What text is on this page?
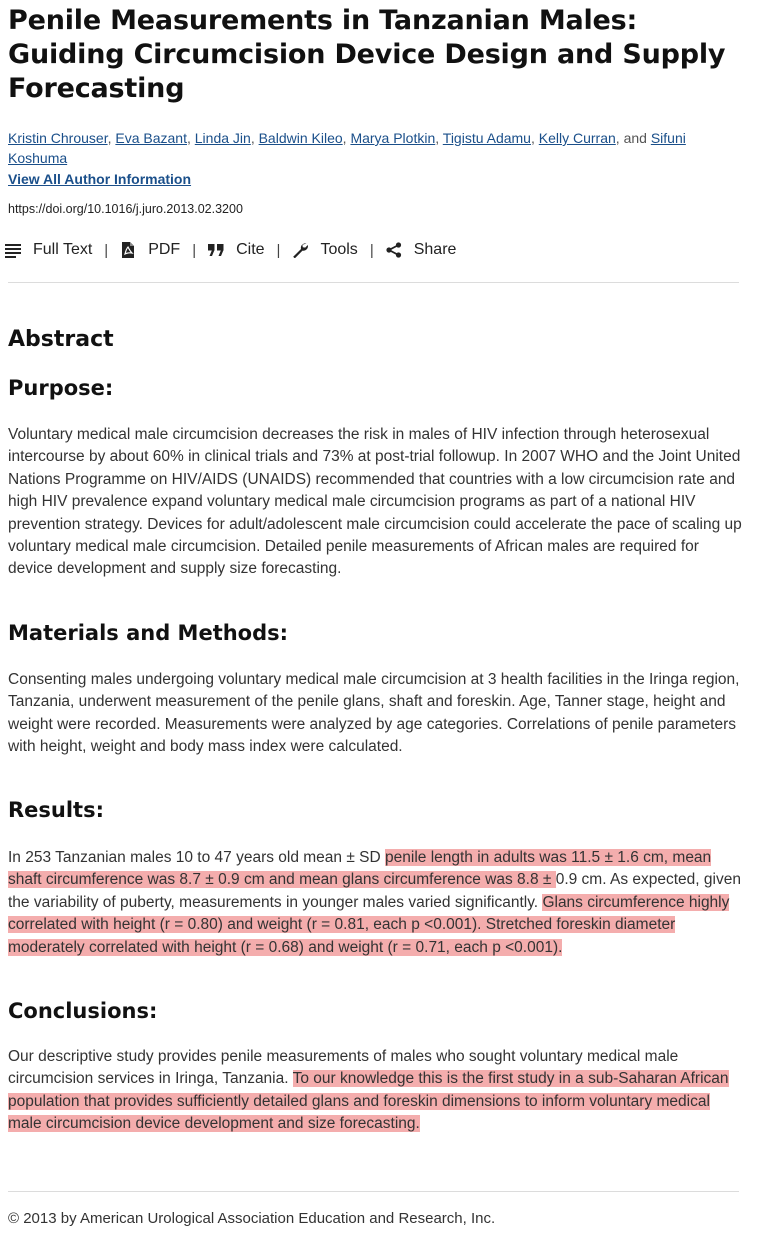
Penile Measurements in Tanzanian Males: Guiding Circumcision Device Design and Supply Forecasting
Kristin Chrouser, Eva Bazant, Linda Jin, Baldwin Kileo, Marya Plotkin, Tigistu Adamu, Kelly Curran, and Sifuni Koshuma
View All Author Information
https://doi.org/10.1016/j.juro.2013.02.3200
Full Text |	PDF |	Cite |	Tools |	Share
Abstract
Purpose:

Voluntary medical male circumcision decreases the risk in males of HIV infection through heterosexual intercourse by about 60% in clinical trials and 73% at post-trial followup. In 2007 WHO and the Joint United Nations Programme on HIV/AIDS (UNAIDS) recommended that countries with a low circumcision rate and high HIV prevalence expand voluntary medical male circumcision programs as part of a national HIV prevention strategy. Devices for adult/adolescent male circumcision could accelerate the pace of scaling up voluntary medical male circumcision. Detailed penile measurements of African males are required for device development and supply size forecasting.

Materials and Methods:

Consenting males undergoing voluntary medical male circumcision at 3 health facilities in the Iringa region, Tanzania, underwent measurement of the penile glans, shaft and foreskin. Age, Tanner stage, height and weight were recorded. Measurements were analyzed by age categories. Correlations of penile parameters with height, weight and body mass index were calculated.

Results:

In 253 Tanzanian males 10 to 47 years old mean ± SD penile length in adults was 11.5 ± 1.6 cm, mean shaft circumference was 8.7 ± 0.9 cm and mean glans circumference was 8.8 ± 0.9 cm. As expected, given the variability of puberty, measurements in younger males varied significantly. Glans circumference highly correlated with height (r = 0.80) and weight (r = 0.81, each p <0.001). Stretched foreskin diameter moderately correlated with height (r = 0.68) and weight (r = 0.71, each p <0.001).

Conclusions:

Our descriptive study provides penile measurements of males who sought voluntary medical male circumcision services in Iringa, Tanzania. To our knowledge this is the first study in a sub-Saharan African population that provides sufficiently detailed glans and foreskin dimensions to inform voluntary medical male circumcision device development and size forecasting.

© 2013 by American Urological Association Education and Research, Inc.
